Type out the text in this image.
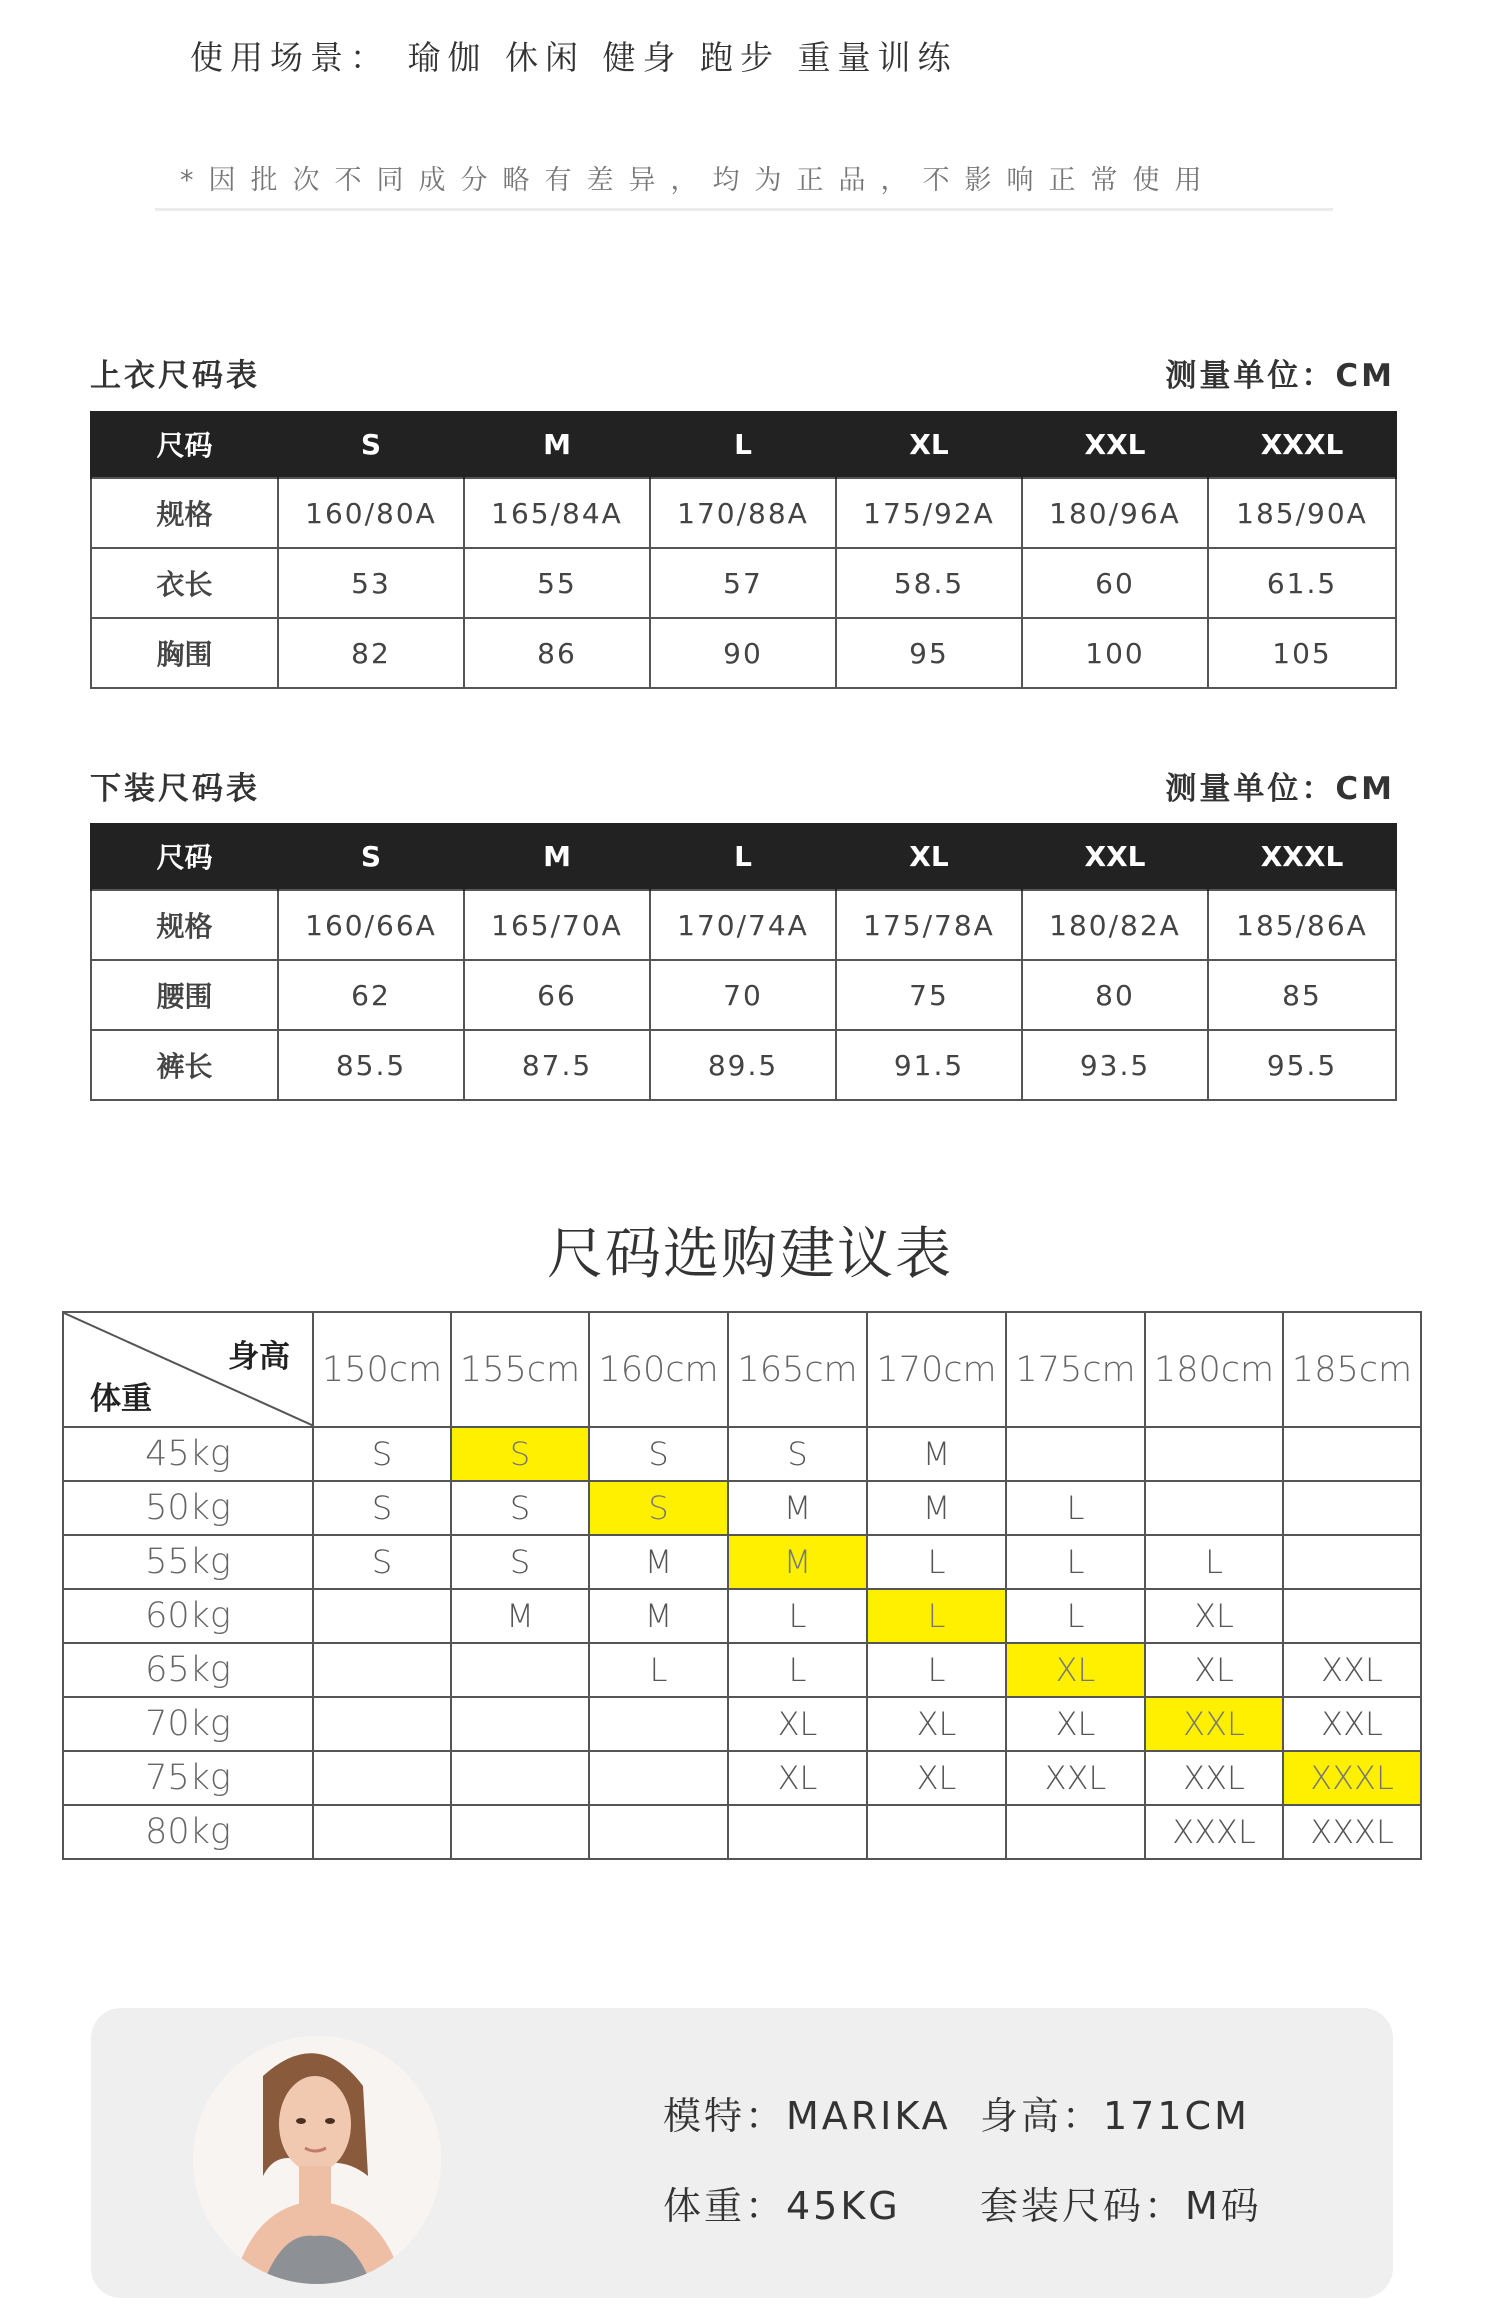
使用场景： 瑜伽 休闲 健身 跑步 重量训练
*因批次不同成分略有差异，均为正品，不影响正常使用
上衣尺码表	测量单位：CM
尺码	S	M	L	XL	XXL	XXXL
规格	160/80A	165/84A	170/88A	175/92A	180/96A	185/90A
衣长	53	55	57	58.5	60	61.5
胸围	82	86	90	95	100	105
下装尺码表	测量单位：CM
尺码	S	M	L	XL	XXL	XXXL
规格	160/66A	165/70A	170/74A	175/78A	180/82A	185/86A
腰围	62	66	70	75	80	85
裤长	85.5	87.5	89.5	91.5	93.5	95.5
尺码选购建议表
身高
体重	150cm	155cm	160cm	165cm	170cm	175cm	180cm	185cm
45kg	S	S	S	S	M			
50kg	S	S	S	M	M	L		
55kg	S	S	M	M	L	L	L	
60kg		M	M	L	L	L	XL	
65kg			L	L	L	XL	XL	XXL
70kg				XL	XL	XL	XXL	XXL
75kg				XL	XL	XXL	XXL	XXXL
80kg							XXXL	XXXL
模特：MARIKA 身高：171CM
体重：45KG 套装尺码：M码
